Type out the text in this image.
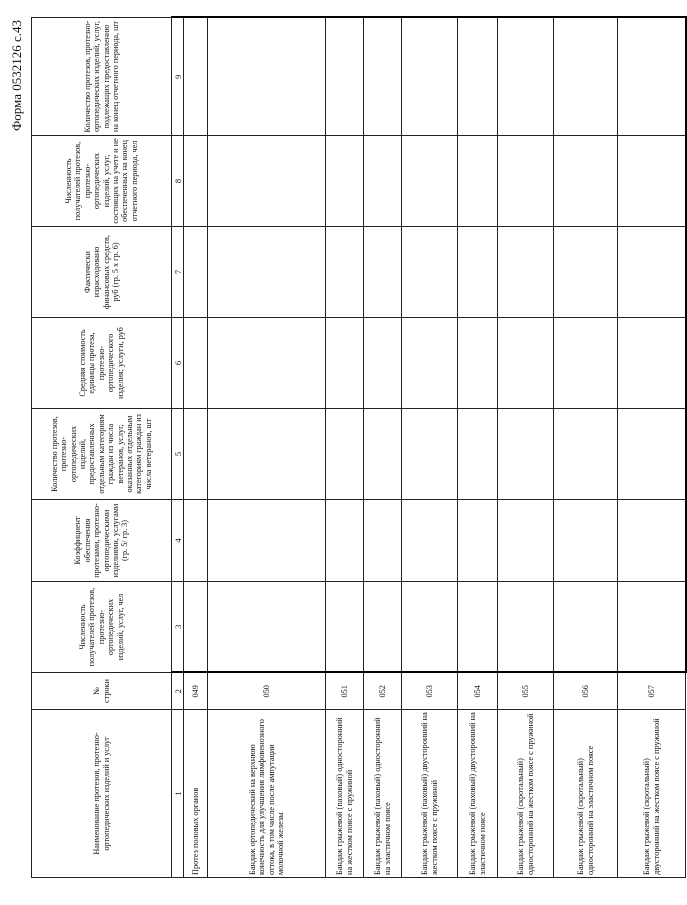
Форма 0532126 с.43
Наименование протезов, протезно-ортопедических изделий и услуг	№ строки	Численность получателей протезов, протезно-ортопедических изделий, услуг, чел	Коэффициент обеспечения протезами, протезно-ортопедическими изделиями, услугами (гр. 5/ гр. 3)	Количество протезов, протезно-ортопедических изделий, предоставленных отдельным категориям граждан из числа ветеранов, услуг, оказанных отдельным категориям граждан из числа ветеранов, шт	Средняя стоимость единицы протеза, протезно-ортопедического изделия; услуги, руб	Фактически израсходовано финансовых средств, руб (гр. 5 х гр. 6)	Численность получателей протезов, протезно-ортопедических изделий, услуг, состоящих на учете и не обеспеченных на конец отчетного периода, чел	Количество протезов, протезно-ортопедических изделий, услуг, подлежащих предоставлению на конец отчетного периода, шт
1	2	3	4	5	6	7	8	9
Протез половых органов	049							
Бандаж ортопедический на верхнюю конечность для улучшения лимфовенозного оттока, в том числе после ампутации молочной железы	050							
Бандаж грыжевой (паховый) односторонний на жестком поясе с пружиной	051							
Бандаж грыжевой (паховый) односторонний на эластичном поясе	052							
Бандаж грыжевой (паховый) двусторонний на жестком поясе с пружиной	053							
Бандаж грыжевой (паховый) двусторонний на эластичном поясе	054							
Бандаж грыжевой (скротальный) односторонний на жестком поясе с пружиной	055							
Бандаж грыжевой (скротальный) односторонний на эластичном поясе	056							
Бандаж грыжевой (скротальный) двусторонний на жестком поясе с пружиной	057							
